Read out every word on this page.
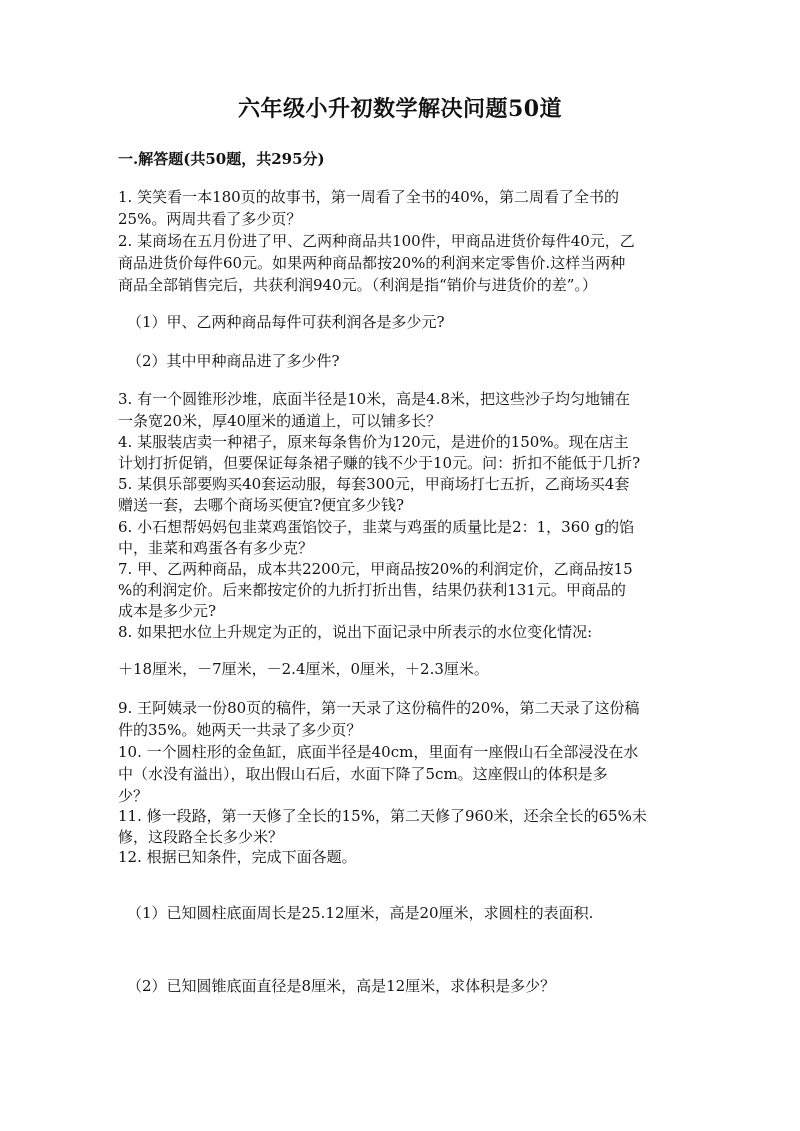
六年级小升初数学解决问题50道
一.解答题(共50题，共295分)
1. 笑笑看一本180页的故事书，第一周看了全书的40%，第二周看了全书的
25%。两周共看了多少页？
2. 某商场在五月份进了甲、乙两种商品共100件，甲商品进货价每件40元，乙
商品进货价每件60元。如果两种商品都按20%的利润来定零售价.这样当两种
商品全部销售完后，共获利润940元。（利润是指“销价与进货价的差”。）
（1）甲、乙两种商品每件可获利润各是多少元?
（2）其中甲种商品进了多少件?
3. 有一个圆锥形沙堆，底面半径是10米，高是4.8米，把这些沙子均匀地铺在
一条宽20米，厚40厘米的通道上，可以铺多长？
4. 某服装店卖一种裙子，原来每条售价为120元，是进价的150%。现在店主
计划打折促销，但要保证每条裙子赚的钱不少于10元。问：折扣不能低于几折?
5. 某俱乐部要购买40套运动服，每套300元，甲商场打七五折，乙商场买4套
赠送一套，去哪个商场买便宜?便宜多少钱?
6. 小石想帮妈妈包韭菜鸡蛋馅饺子，韭菜与鸡蛋的质量比是2：1，360 g的馅
中，韭菜和鸡蛋各有多少克？
7. 甲、乙两种商品，成本共2200元，甲商品按20%的利润定价，乙商品按15
%的利润定价。后来都按定价的九折打折出售，结果仍获利131元。甲商品的
成本是多少元?
8. 如果把水位上升规定为正的，说出下面记录中所表示的水位变化情况:
＋18厘米，－7厘米，－2.4厘米，0厘米，＋2.3厘米。
9. 王阿姨录一份80页的稿件，第一天录了这份稿件的20%，第二天录了这份稿
件的35%。她两天一共录了多少页？
10. 一个圆柱形的金鱼缸，底面半径是40cm，里面有一座假山石全部浸没在水
中（水没有溢出），取出假山石后，水面下降了5cm。这座假山的体积是多
少？
11. 修一段路，第一天修了全长的15%，第二天修了960米，还余全长的65%未
修，这段路全长多少米？
12. 根据已知条件，完成下面各题。
（1）已知圆柱底面周长是25.12厘米，高是20厘米，求圆柱的表面积.
（2）已知圆锥底面直径是8厘米，高是12厘米，求体积是多少？
